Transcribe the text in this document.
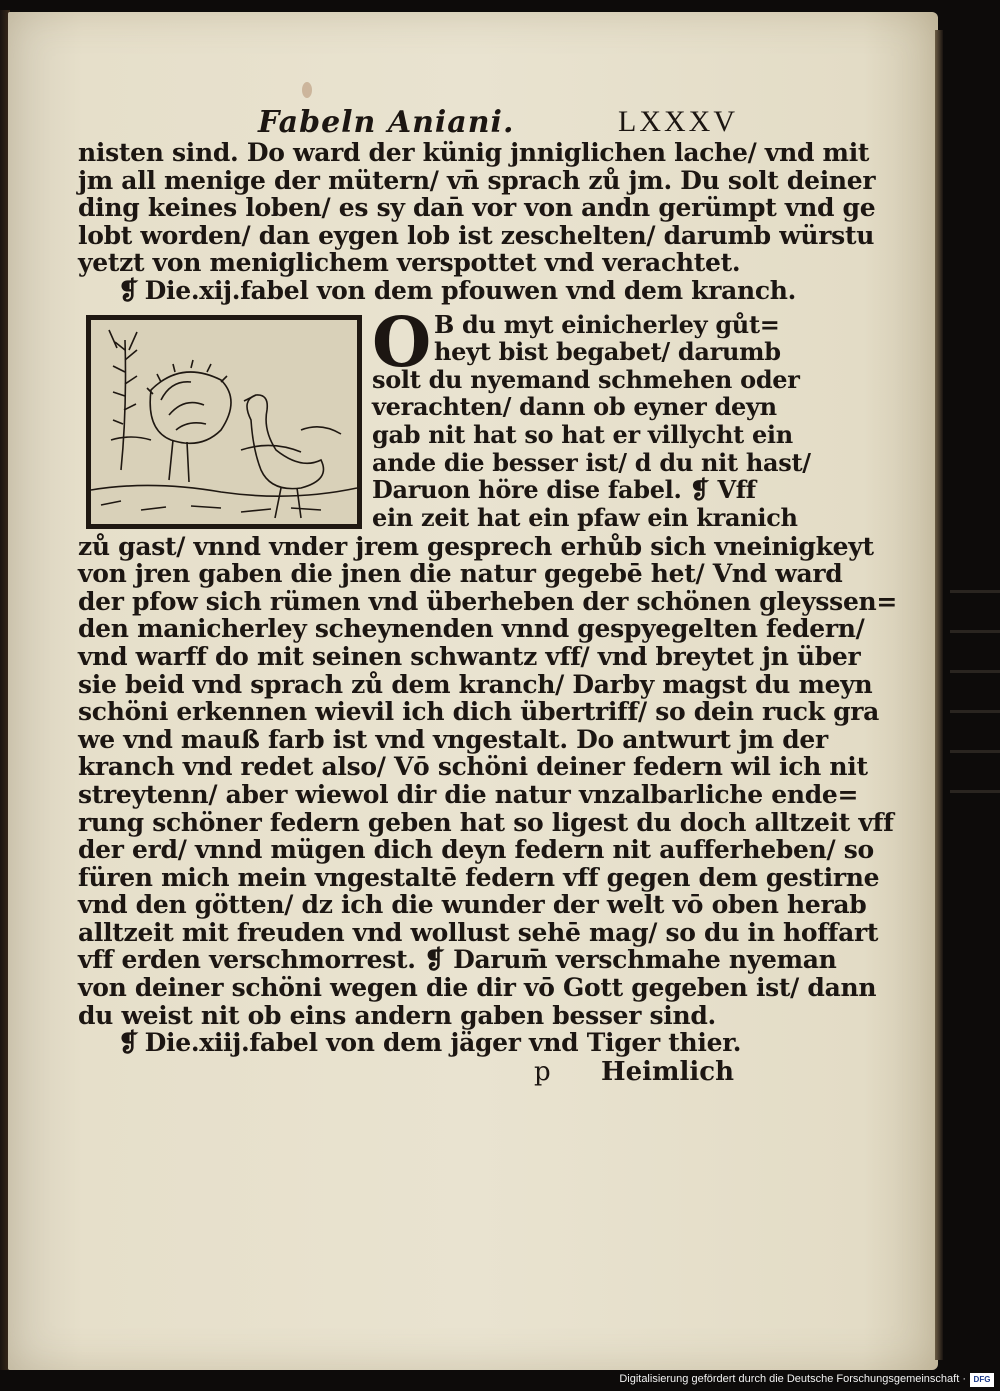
Fabeln Aniani.	LXXXV
nisten sind. Do ward der künig jnniglichen lache/ vnd mit
jm all menige der mütern/ vn̄ sprach zů jm. Du solt deiner
ding keines loben/ es sy dan̄ vor von andn gerümpt vnd ge
lobt worden/ dan eygen lob ist zeschelten/ darumb würstu
yetzt von meniglichem verspottet vnd verachtet.
❡ Die.xij.fabel von dem pfouwen vnd dem kranch.
B du myt einicherley gůt=
heyt bist begabet/ darumb
solt du nyemand schmehen oder
verachten/ dann ob eyner deyn
gab nit hat so hat er villycht ein
ande die besser ist/ d du nit hast/
Daruon höre dise fabel. ❡ Vff
ein zeit hat ein pfaw ein kranich
O
zů gast/ vnnd vnder jrem gesprech erhůb sich vneinigkeyt
von jren gaben die jnen die natur gegebē het/ Vnd ward
der pfow sich rümen vnd überheben der schönen gleyssen=
den manicherley scheynenden vnnd gespyegelten federn/
vnd warff do mit seinen schwantz vff/ vnd breytet jn über
sie beid vnd sprach zů dem kranch/ Darby magst du meyn
schöni erkennen wievil ich dich übertriff/ so dein ruck gra
we vnd mauß farb ist vnd vngestalt. Do antwurt jm der
kranch vnd redet also/ Vō schöni deiner federn wil ich nit
streytenn/ aber wiewol dir die natur vnzalbarliche ende=
rung schöner federn geben hat so ligest du doch alltzeit vff
der erd/ vnnd mügen dich deyn federn nit aufferheben/ so
füren mich mein vngestaltē federn vff gegen dem gestirne
vnd den götten/ dz ich die wunder der welt vō oben herab
alltzeit mit freuden vnd wollust sehē mag/ so du in hoffart
vff erden verschmorrest. ❡ Darum̄ verschmahe nyeman
von deiner schöni wegen die dir vō Gott gegeben ist/ dann
du weist nit ob eins andern gaben besser sind.
❡ Die.xiij.fabel von dem jäger vnd Tiger thier.
p Heimlich
Digitalisierung gefördert durch die Deutsche Forschungsgemeinschaft · DFG
